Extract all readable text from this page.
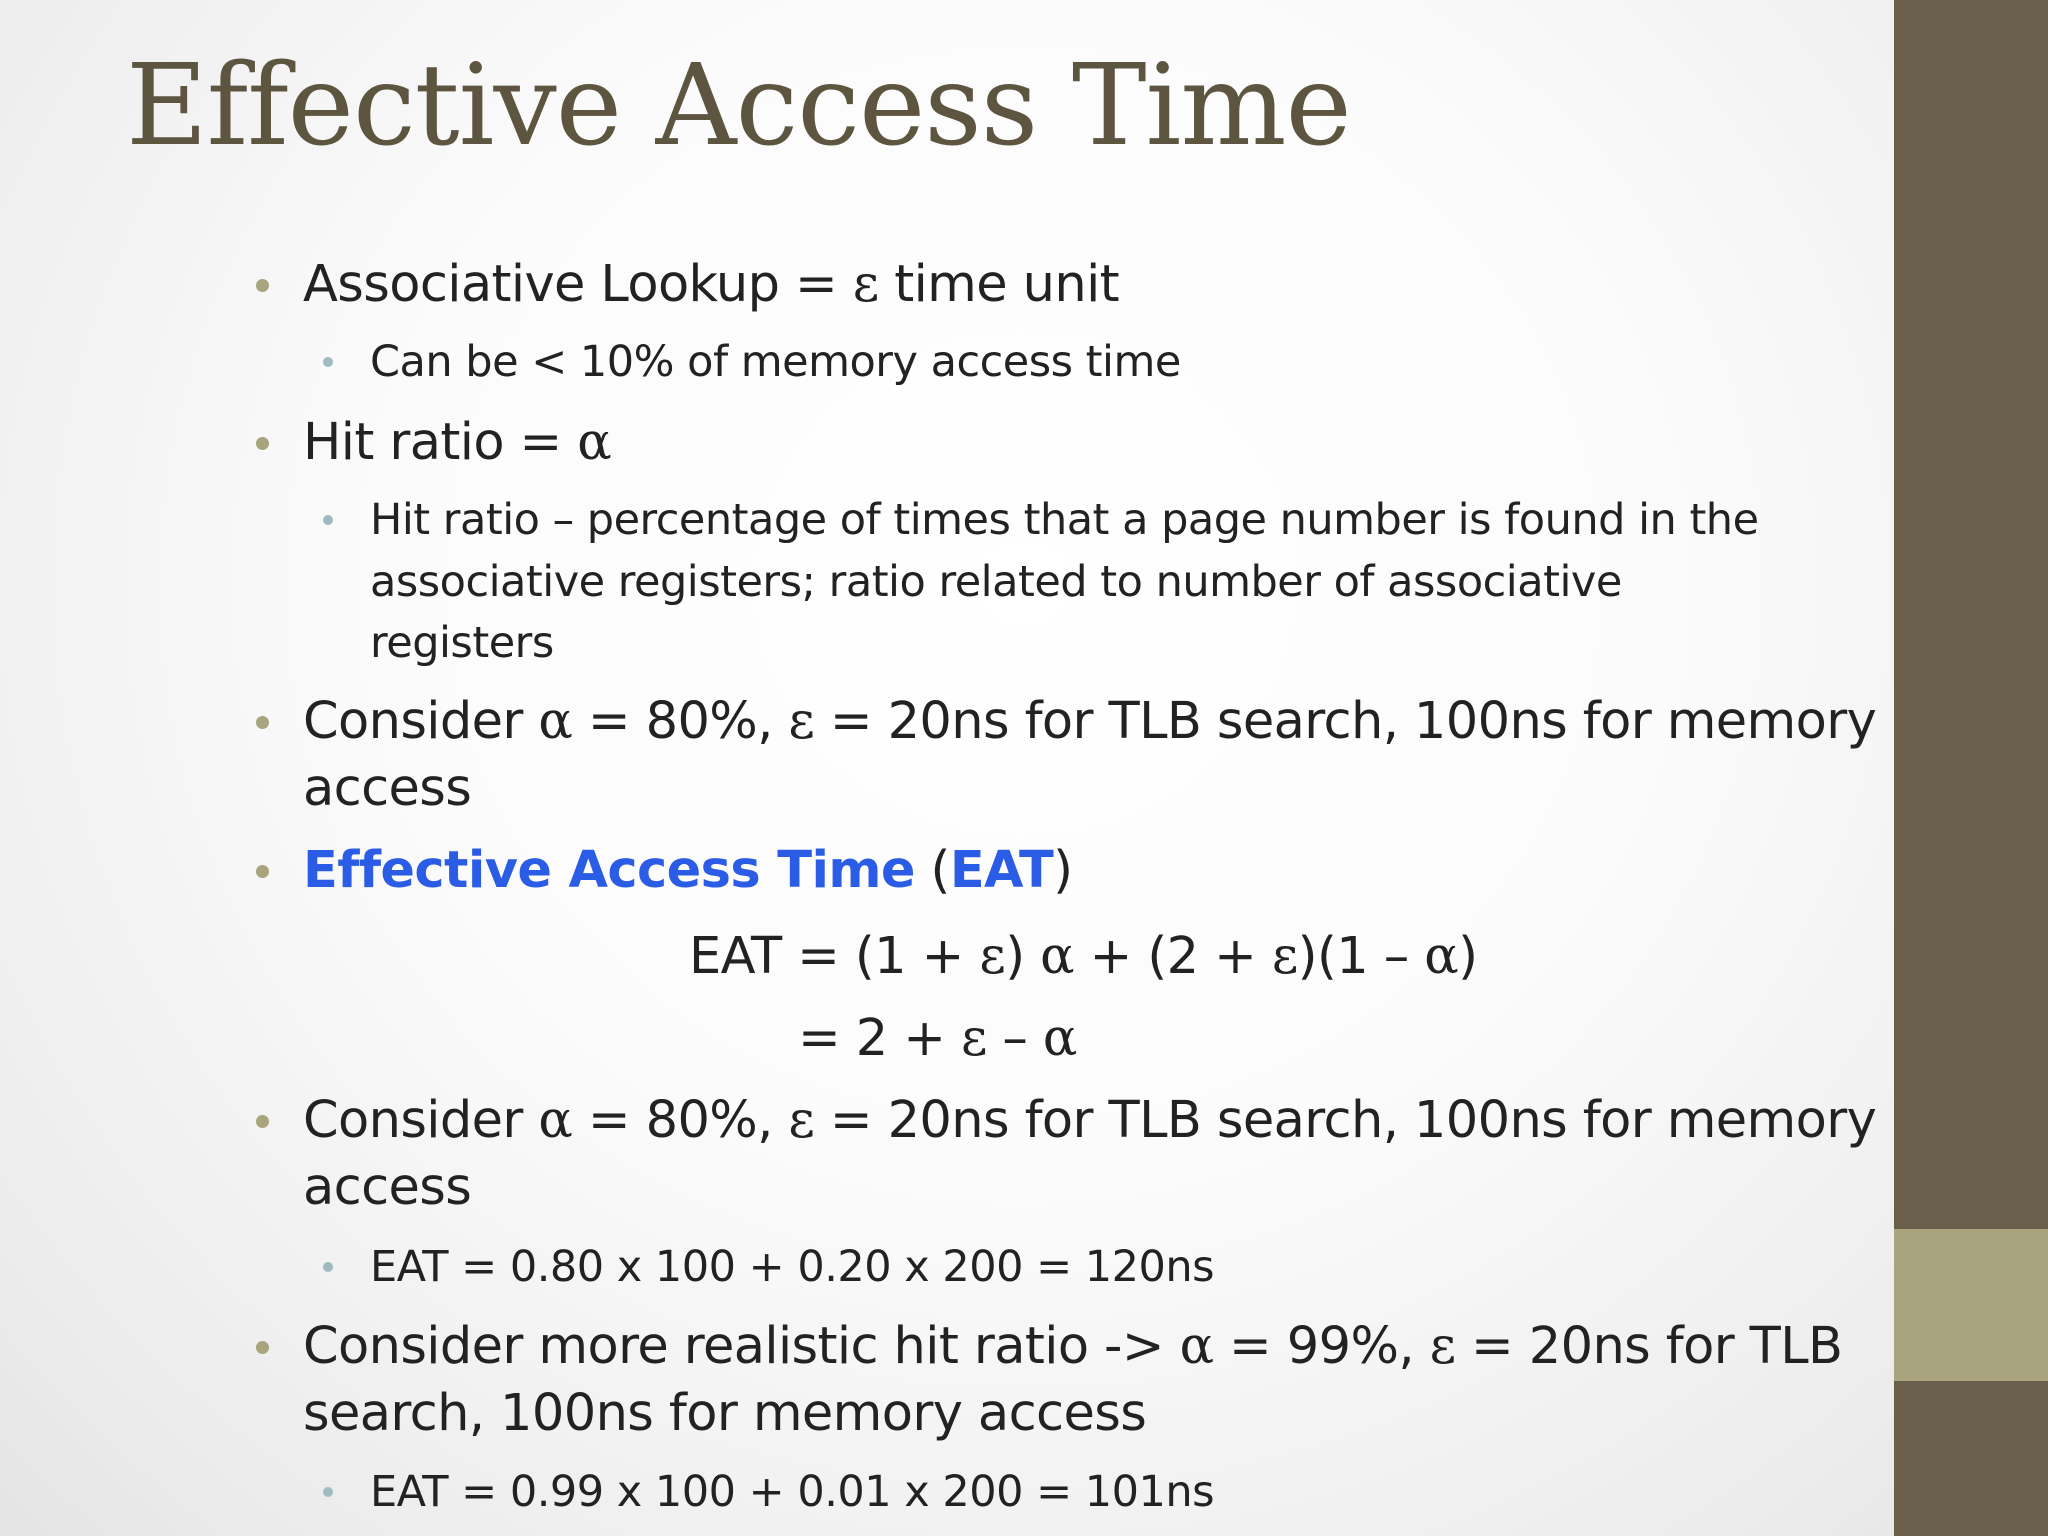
Effective Access Time
Associative Lookup = ε time unit
Can be < 10% of memory access time
Hit ratio = α
Hit ratio – percentage of times that a page number is found in the
associative registers; ratio related to number of associative
registers
Consider α = 80%, ε = 20ns for TLB search, 100ns for memory
access
Effective Access Time (EAT)
EAT = (1 + ε) α + (2 + ε)(1 – α)
= 2 + ε – α
Consider α = 80%, ε = 20ns for TLB search, 100ns for memory
access
EAT = 0.80 x 100 + 0.20 x 200 = 120ns
Consider more realistic hit ratio -> α = 99%, ε = 20ns for TLB
search, 100ns for memory access
EAT = 0.99 x 100 + 0.01 x 200 = 101ns
